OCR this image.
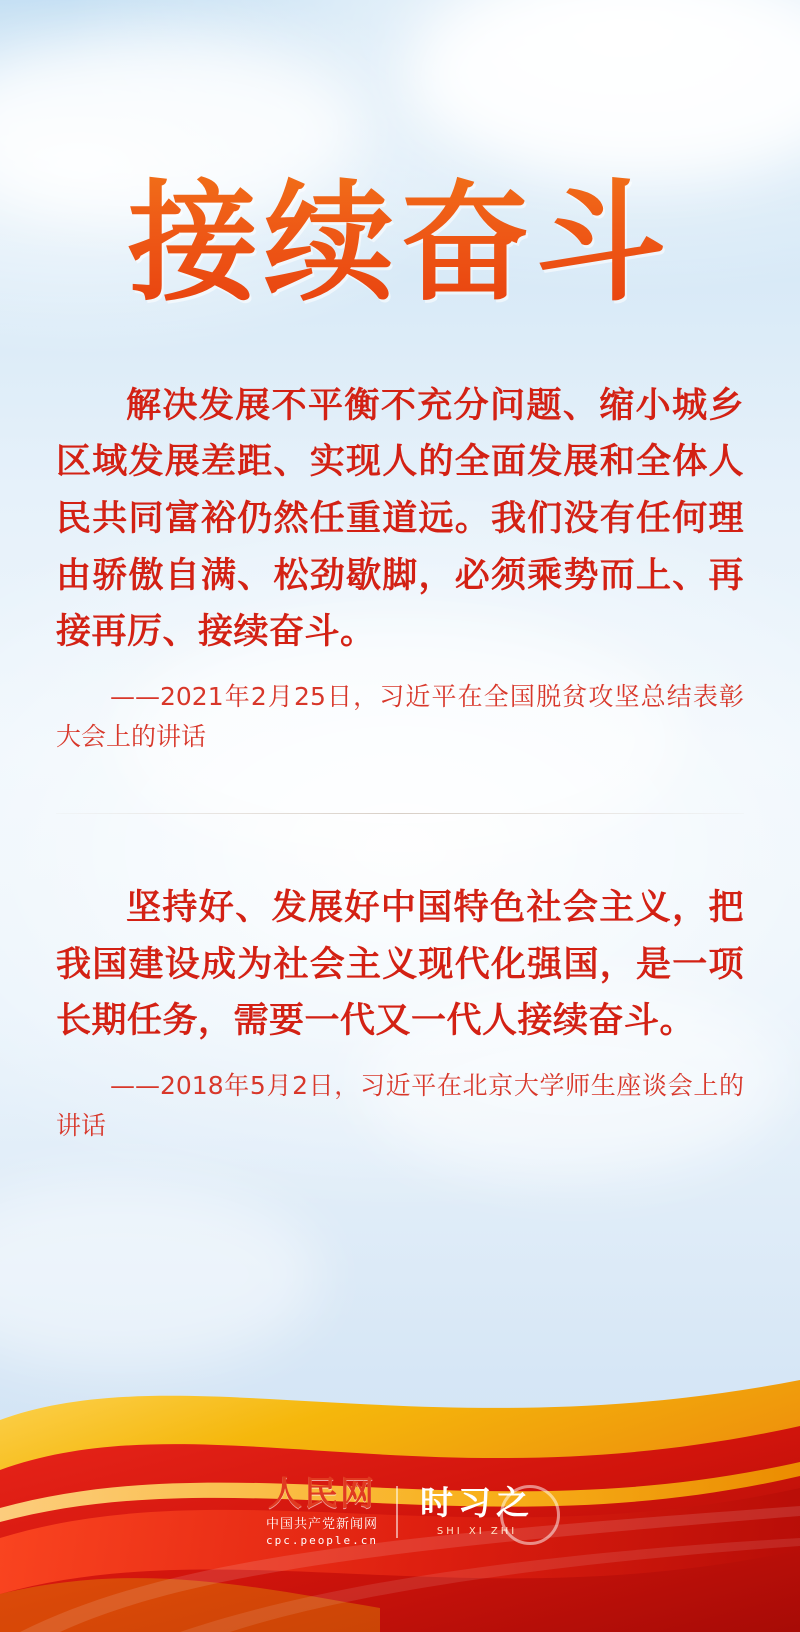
接续奋斗

解决发展不平衡不充分问题、缩小城乡区域发展差距、实现人的全面发展和全体人民共同富裕仍然任重道远。我们没有任何理由骄傲自满、松劲歇脚，必须乘势而上、再接再厉、接续奋斗。

——2021年2月25日，习近平在全国脱贫攻坚总结表彰大会上的讲话

坚持好、发展好中国特色社会主义，把我国建设成为社会主义现代化强国，是一项长期任务，需要一代又一代人接续奋斗。

——2018年5月2日，习近平在北京大学师生座谈会上的讲话

人民网
中国共产党新闻网
cpc.people.cn
时习之
SHI XI ZHI
